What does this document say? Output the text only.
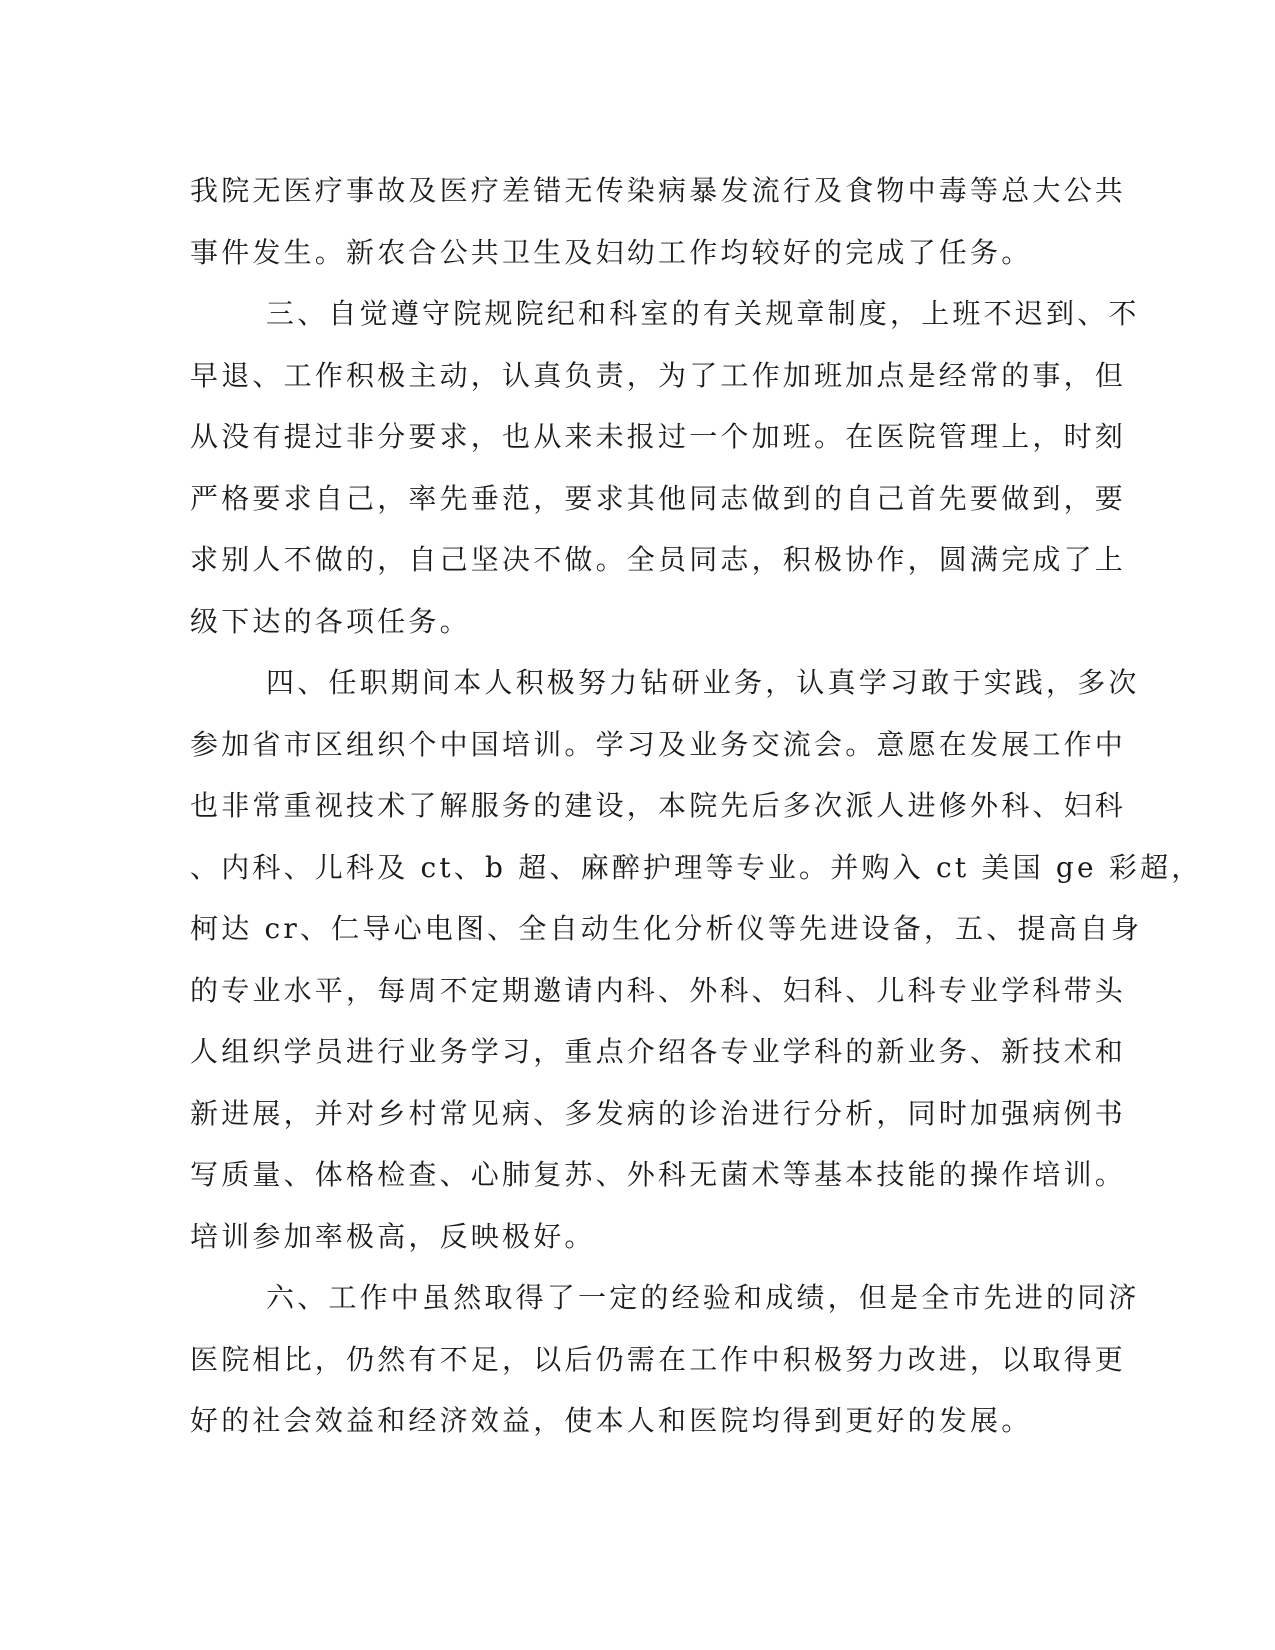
我院无医疗事故及医疗差错无传染病暴发流行及食物中毒等总大公共
事件发生。新农合公共卫生及妇幼工作均较好的完成了任务。
三、自觉遵守院规院纪和科室的有关规章制度，上班不迟到、不
早退、工作积极主动，认真负责，为了工作加班加点是经常的事，但
从没有提过非分要求，也从来未报过一个加班。在医院管理上，时刻
严格要求自己，率先垂范，要求其他同志做到的自己首先要做到，要
求别人不做的，自己坚决不做。全员同志，积极协作，圆满完成了上
级下达的各项任务。
四、任职期间本人积极努力钻研业务，认真学习敢于实践，多次
参加省市区组织个中国培训。学习及业务交流会。意愿在发展工作中
也非常重视技术了解服务的建设，本院先后多次派人进修外科、妇科
、内科、儿科及 ct、b 超、麻醉护理等专业。并购入 ct 美国 ge 彩超，
柯达 cr、仁导心电图、全自动生化分析仪等先进设备，五、提高自身
的专业水平，每周不定期邀请内科、外科、妇科、儿科专业学科带头
人组织学员进行业务学习，重点介绍各专业学科的新业务、新技术和
新进展，并对乡村常见病、多发病的诊治进行分析，同时加强病例书
写质量、体格检查、心肺复苏、外科无菌术等基本技能的操作培训。
培训参加率极高，反映极好。
六、工作中虽然取得了一定的经验和成绩，但是全市先进的同济
医院相比，仍然有不足，以后仍需在工作中积极努力改进，以取得更
好的社会效益和经济效益，使本人和医院均得到更好的发展。
